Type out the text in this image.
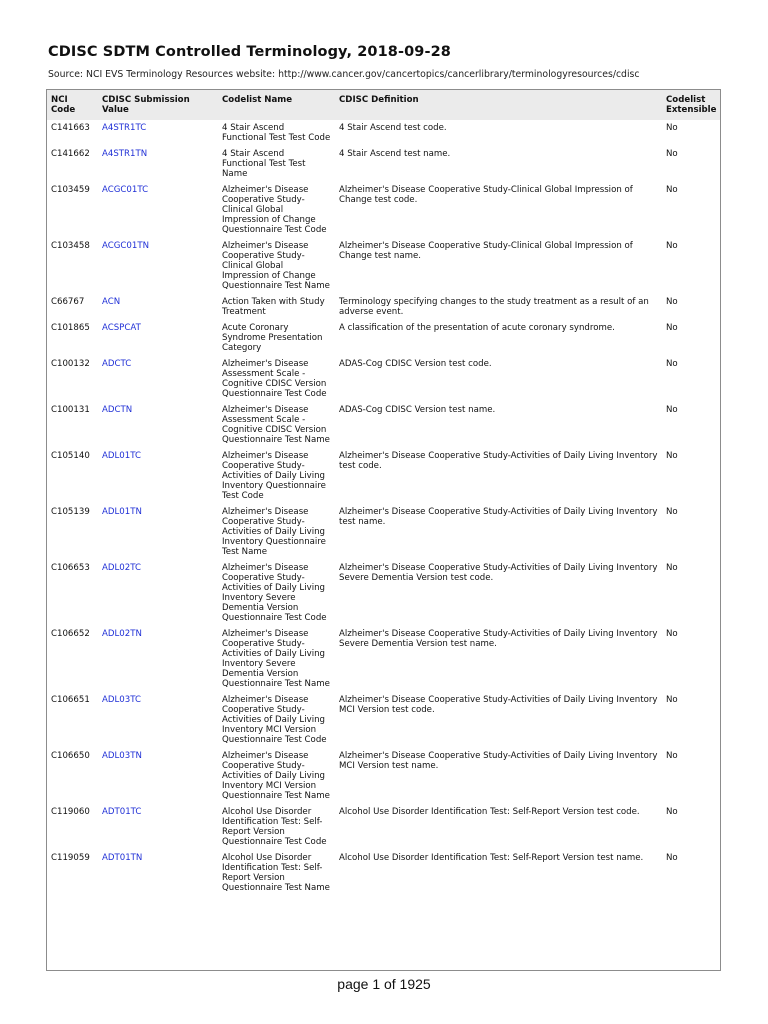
CDISC SDTM Controlled Terminology, 2018-09-28

Source: NCI EVS Terminology Resources website: http://www.cancer.gov/cancertopics/cancerlibrary/terminologyresources/cdisc

NCI Code	CDISC Submission Value	Codelist Name	CDISC Definition	Codelist Extensible
C141663	A4STR1TC	4 Stair Ascend Functional Test Test Code	4 Stair Ascend test code.	No
C141662	A4STR1TN	4 Stair Ascend Functional Test Test Name	4 Stair Ascend test name.	No
C103459	ACGC01TC	Alzheimer's Disease Cooperative Study-Clinical Global Impression of Change Questionnaire Test Code	Alzheimer's Disease Cooperative Study-Clinical Global Impression of Change test code.	No
C103458	ACGC01TN	Alzheimer's Disease Cooperative Study-Clinical Global Impression of Change Questionnaire Test Name	Alzheimer's Disease Cooperative Study-Clinical Global Impression of Change test name.	No
C66767	ACN	Action Taken with Study Treatment	Terminology specifying changes to the study treatment as a result of an adverse event.	No
C101865	ACSPCAT	Acute Coronary Syndrome Presentation Category	A classification of the presentation of acute coronary syndrome.	No
C100132	ADCTC	Alzheimer's Disease Assessment Scale - Cognitive CDISC Version Questionnaire Test Code	ADAS-Cog CDISC Version test code.	No
C100131	ADCTN	Alzheimer's Disease Assessment Scale - Cognitive CDISC Version Questionnaire Test Name	ADAS-Cog CDISC Version test name.	No
C105140	ADL01TC	Alzheimer's Disease Cooperative Study-Activities of Daily Living Inventory Questionnaire Test Code	Alzheimer's Disease Cooperative Study-Activities of Daily Living Inventory test code.	No
C105139	ADL01TN	Alzheimer's Disease Cooperative Study-Activities of Daily Living Inventory Questionnaire Test Name	Alzheimer's Disease Cooperative Study-Activities of Daily Living Inventory test name.	No
C106653	ADL02TC	Alzheimer's Disease Cooperative Study-Activities of Daily Living Inventory Severe Dementia Version Questionnaire Test Code	Alzheimer's Disease Cooperative Study-Activities of Daily Living Inventory Severe Dementia Version test code.	No
C106652	ADL02TN	Alzheimer's Disease Cooperative Study-Activities of Daily Living Inventory Severe Dementia Version Questionnaire Test Name	Alzheimer's Disease Cooperative Study-Activities of Daily Living Inventory Severe Dementia Version test name.	No
C106651	ADL03TC	Alzheimer's Disease Cooperative Study-Activities of Daily Living Inventory MCI Version Questionnaire Test Code	Alzheimer's Disease Cooperative Study-Activities of Daily Living Inventory MCI Version test code.	No
C106650	ADL03TN	Alzheimer's Disease Cooperative Study-Activities of Daily Living Inventory MCI Version Questionnaire Test Name	Alzheimer's Disease Cooperative Study-Activities of Daily Living Inventory MCI Version test name.	No
C119060	ADT01TC	Alcohol Use Disorder Identification Test: Self-Report Version Questionnaire Test Code	Alcohol Use Disorder Identification Test: Self-Report Version test code.	No
C119059	ADT01TN	Alcohol Use Disorder Identification Test: Self-Report Version Questionnaire Test Name	Alcohol Use Disorder Identification Test: Self-Report Version test name.	No
page 1 of 1925
